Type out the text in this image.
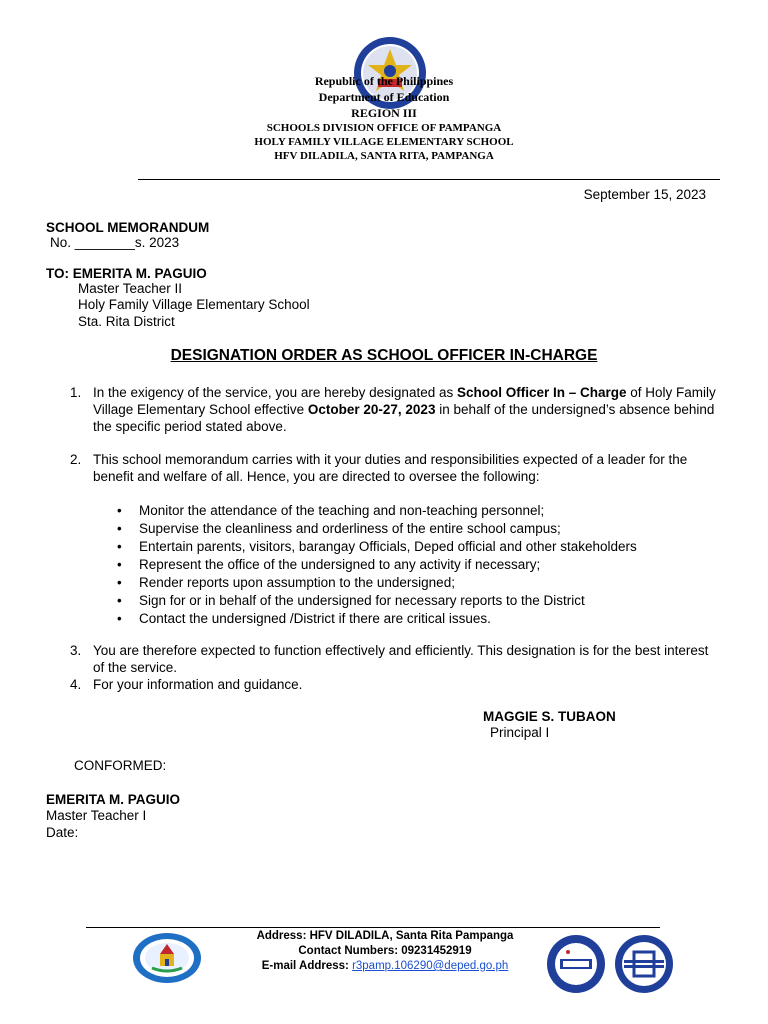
Republic of the Philippines
Department of Education
REGION III
SCHOOLS DIVISION OFFICE OF PAMPANGA
HOLY FAMILY VILLAGE ELEMENTARY SCHOOL
HFV DILADILA, SANTA RITA, PAMPANGA
September 15, 2023
SCHOOL MEMORANDUM
No. ________s. 2023
TO: EMERITA M. PAGUIO
Master Teacher II
Holy Family Village Elementary School
Sta. Rita District
DESIGNATION ORDER AS SCHOOL OFFICER IN-CHARGE
1. In the exigency of the service, you are hereby designated as School Officer In – Charge of Holy Family Village Elementary School effective October 20-27, 2023 in behalf of the undersigned’s absence behind the specific period stated above.
2. This school memorandum carries with it your duties and responsibilities expected of a leader for the benefit and welfare of all. Hence, you are directed to oversee the following:
• Monitor the attendance of the teaching and non-teaching personnel;
• Supervise the cleanliness and orderliness of the entire school campus;
• Entertain parents, visitors, barangay Officials, Deped official and other stakeholders
• Represent the office of the undersigned to any activity if necessary;
• Render reports upon assumption to the undersigned;
• Sign for or in behalf of the undersigned for necessary reports to the District
• Contact the undersigned /District if there are critical issues.
3. You are therefore expected to function effectively and efficiently. This designation is for the best interest of the service.
4. For your information and guidance.
MAGGIE S. TUBAON
Principal I
CONFORMED:
EMERITA M. PAGUIO
Master Teacher I
Date:
Address: HFV DILADILA, Santa Rita Pampanga
Contact Numbers: 09231452919
E-mail Address: r3pamp.106290@deped.go.ph
